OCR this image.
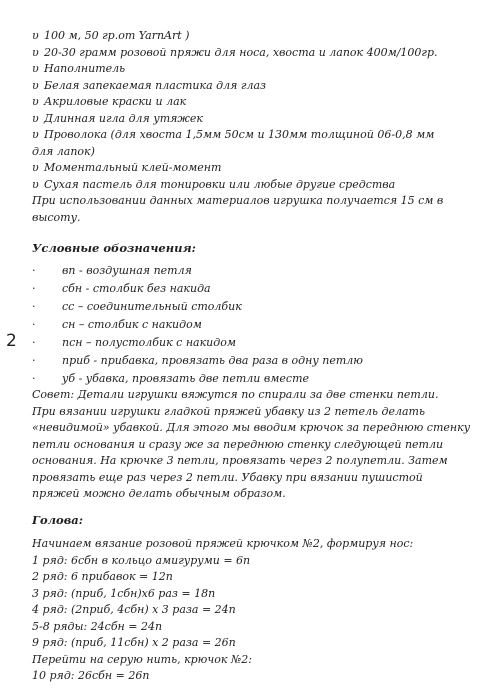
υ 100 м, 50 гр.от YarnArt )
υ 20-30 грамм розовой пряжи для носа, хвоста и лапок 400м/100гр.
υ Наполнитель
υ Белая запекаемая пластика для глаз
υ Акриловые краски и лак
υ Длинная игла для утяжек
υ Проволока (для хвоста 1,5мм 50см и 130мм толщиной 06-0,8 мм
для лапок)
υ Моментальный клей-момент
υ Сухая пастель для тонировки или любые другие средства
При использовании данных материалов игрушка получается 15 см в
высоту.
Условные обозначения:
·	вп - воздушная петля
·	сбн - столбик без накида
·	сс – соединительный столбик
·	сн – столбик с накидом
·	псн – полустолбик с накидом
·	приб - прибавка, провязать два раза в одну петлю
·	уб - убавка, провязать две петли вместе
2
Совет: Детали игрушки вяжутся по спирали за две стенки петли.
При вязании игрушки гладкой пряжей убавку из 2 петель делать
«невидимой» убавкой. Для этого мы вводим крючок за переднюю стенку
петли основания и сразу же за переднюю стенку следующей петли
основания. На крючке 3 петли, провязать через 2 полупетли. Затем
провязать еще раз через 2 петли. Убавку при вязании пушистой
пряжей можно делать обычным образом.
Голова:
Начинаем вязание розовой пряжей крючком №2, формируя нос:
1 ряд: 6сбн в кольцо амигуруми = 6п
2 ряд: 6 прибавок = 12п
3 ряд: (приб, 1сбн)х6 раз = 18п
4 ряд: (2приб, 4сбн) х 3 раза = 24п
5-8 ряды: 24сбн = 24п
9 ряд: (приб, 11сбн) х 2 раза = 26п
Перейти на серую нить, крючок №2:
10 ряд: 26сбн = 26п
